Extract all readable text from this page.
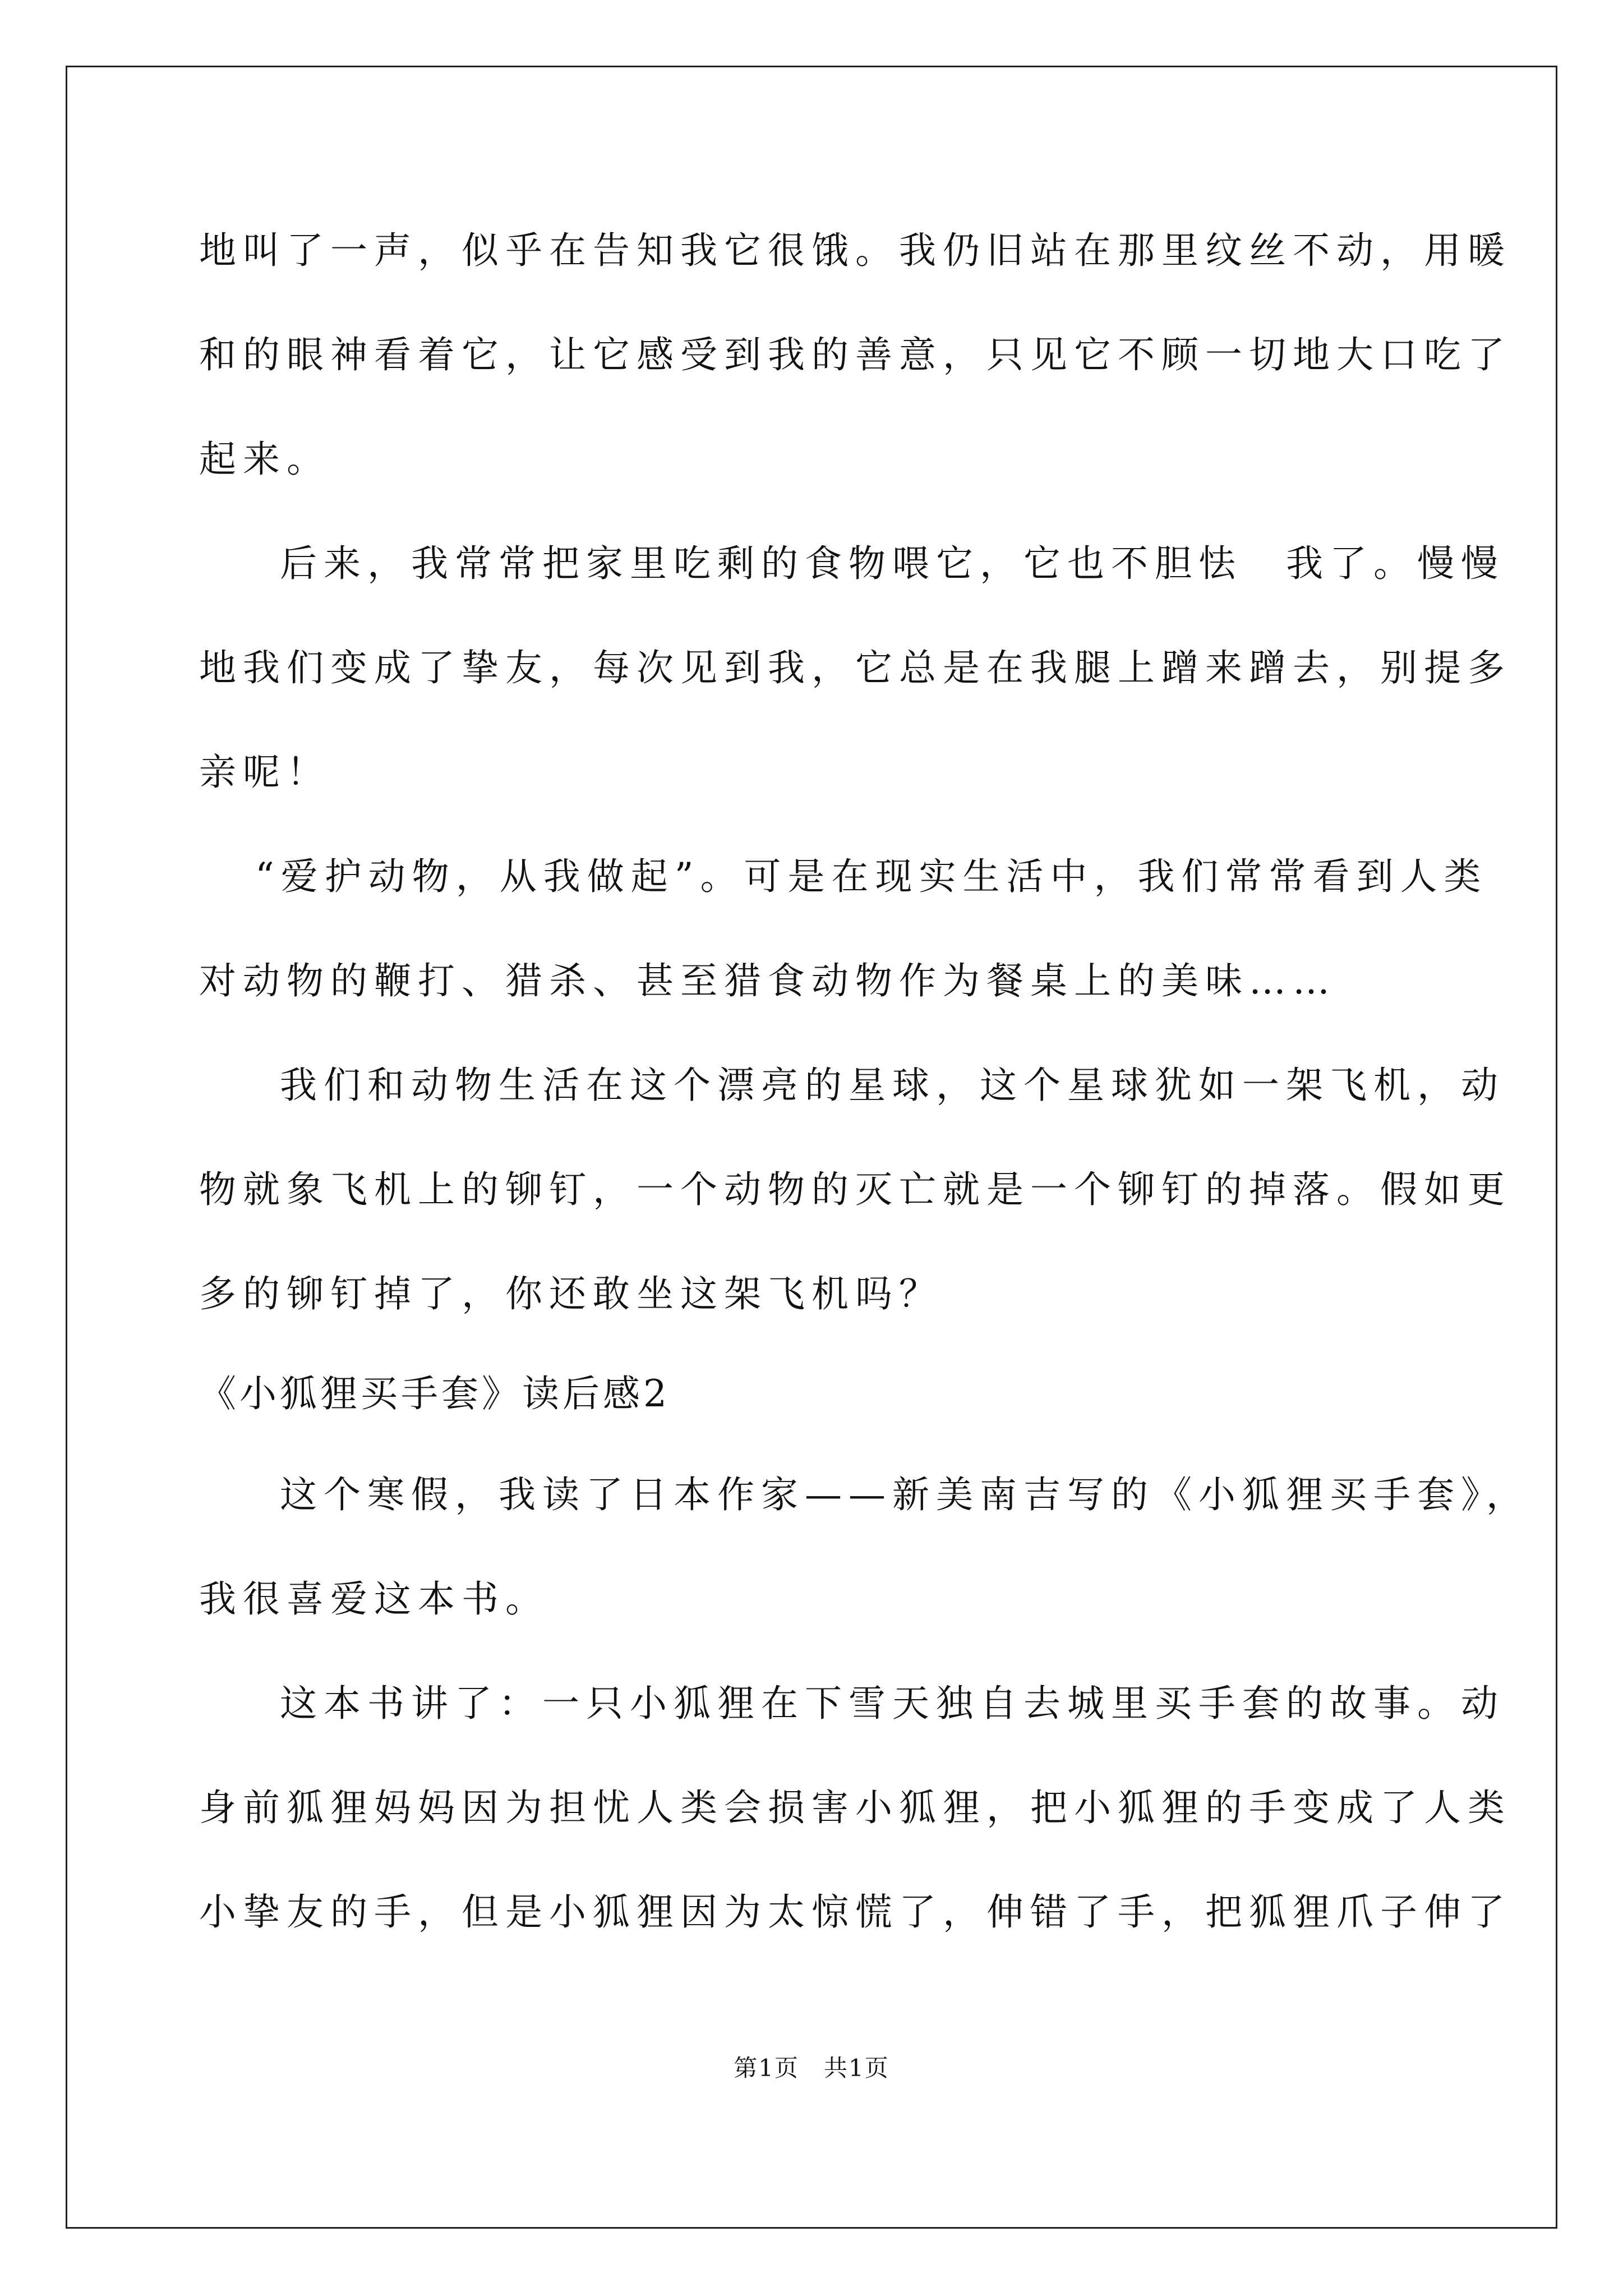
地叫了一声，似乎在告知我它很饿。我仍旧站在那里纹丝不动，用暖
和的眼神看着它，让它感受到我的善意，只见它不顾一切地大口吃了
起来。
后来，我常常把家里吃剩的食物喂它，它也不胆怯　我了。慢慢
地我们变成了挚友，每次见到我，它总是在我腿上蹭来蹭去，别提多
亲呢！
“爱护动物，从我做起”。可是在现实生活中，我们常常看到人类
对动物的鞭打、猎杀、甚至猎食动物作为餐桌上的美味……
我们和动物生活在这个漂亮的星球，这个星球犹如一架飞机，动
物就象飞机上的铆钉，一个动物的灭亡就是一个铆钉的掉落。假如更
多的铆钉掉了，你还敢坐这架飞机吗？
《小狐狸买手套》读后感2
这个寒假，我读了日本作家——新美南吉写的《小狐狸买手套》，
我很喜爱这本书。
这本书讲了：一只小狐狸在下雪天独自去城里买手套的故事。动
身前狐狸妈妈因为担忧人类会损害小狐狸，把小狐狸的手变成了人类
小挚友的手，但是小狐狸因为太惊慌了，伸错了手，把狐狸爪子伸了
第1页　共1页
